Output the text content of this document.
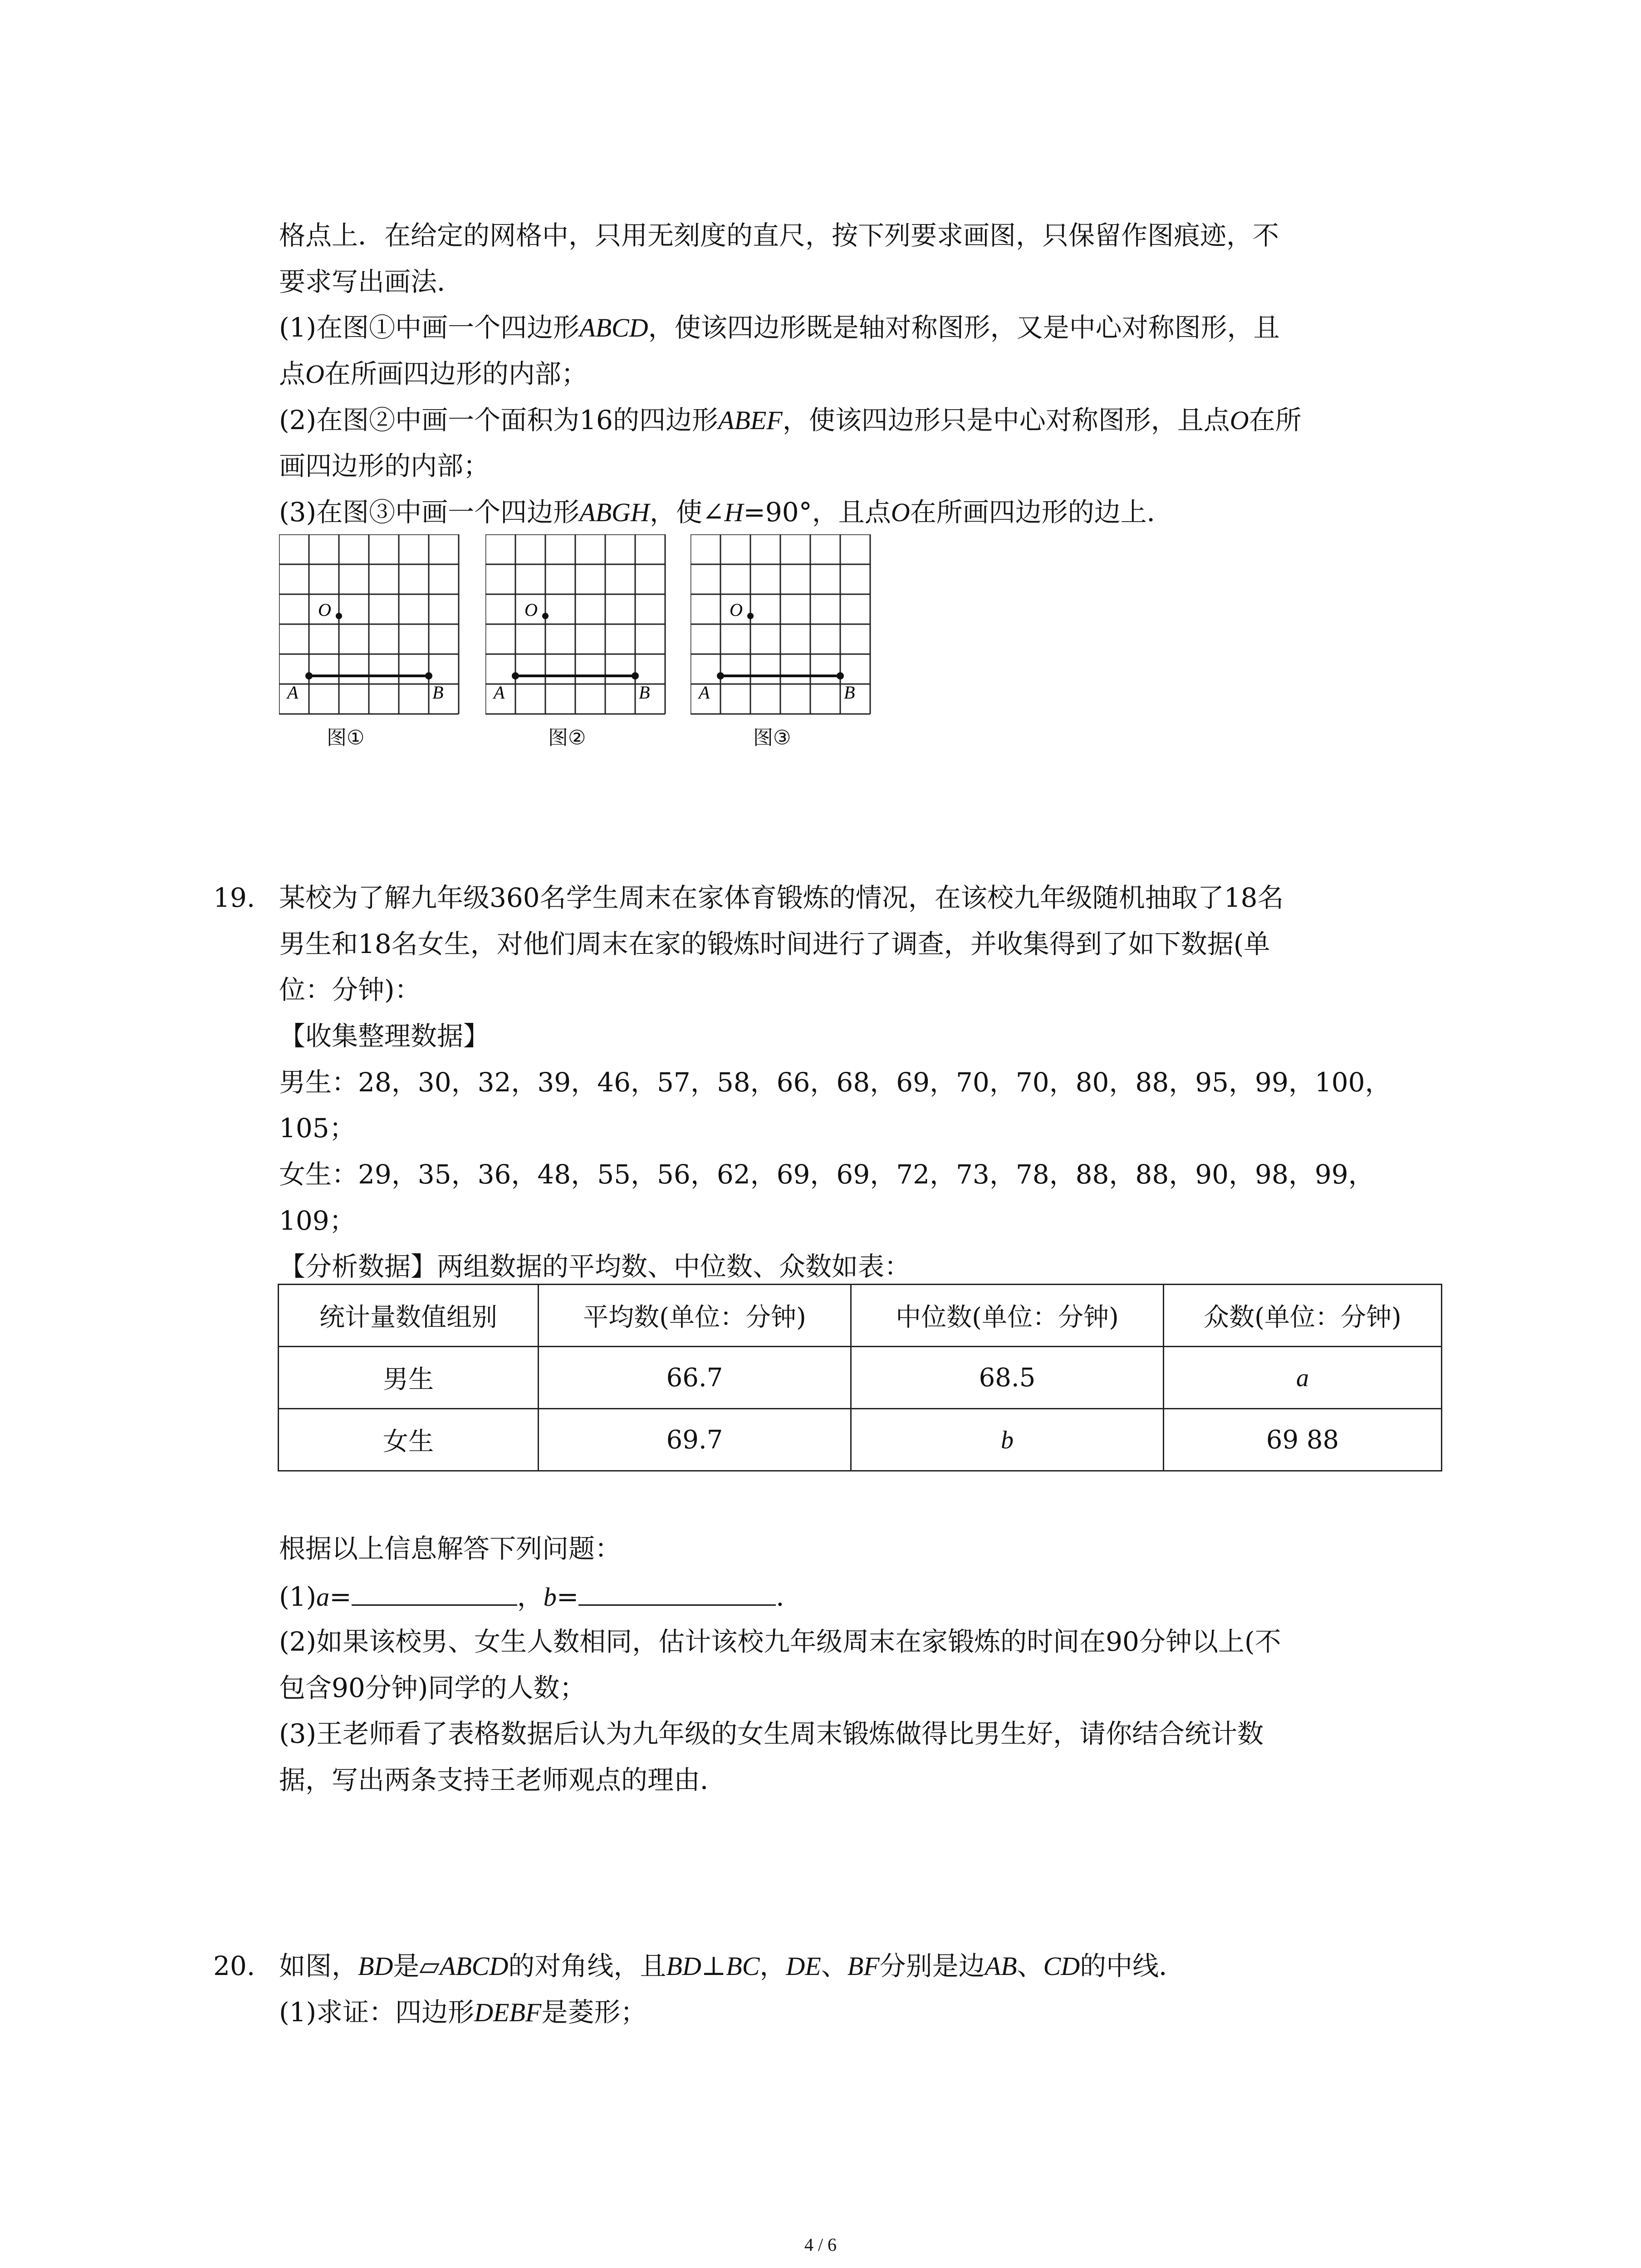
格点上．在给定的网格中，只用无刻度的直尺，按下列要求画图，只保留作图痕迹，不
要求写出画法．
(1)在图①中画一个四边形ABCD，使该四边形既是轴对称图形，又是中心对称图形，且
点O在所画四边形的内部；
(2)在图②中画一个面积为16的四边形ABEF，使该四边形只是中心对称图形，且点O在所
画四边形的内部；
(3)在图③中画一个四边形ABGH，使∠H=90°，且点O在所画四边形的边上．
O
A	B
O
A	B
O
A	B
图①	图②	图③
19. 某校为了解九年级360名学生周末在家体育锻炼的情况，在该校九年级随机抽取了18名
男生和18名女生，对他们周末在家的锻炼时间进行了调查，并收集得到了如下数据(单
位：分钟)：
【收集整理数据】
男生：28，30，32，39，46，57，58，66，68，69，70，70，80，88，95，99，100，
105；
女生：29，35，36，48，55，56，62，69，69，72，73，78，88，88，90，98，99，
109；
【分析数据】两组数据的平均数、中位数、众数如表：
统计量数值组别	平均数(单位：分钟)	中位数(单位：分钟)	众数(单位：分钟)
男生	66.7	68.5	a
女生	69.7	b	69 88
根据以上信息解答下列问题：
(1)a=	，b=	．
(2)如果该校男、女生人数相同，估计该校九年级周末在家锻炼的时间在90分钟以上(不
包含90分钟)同学的人数；
(3)王老师看了表格数据后认为九年级的女生周末锻炼做得比男生好，请你结合统计数
据，写出两条支持王老师观点的理由．
20. 如图，BD是▱ABCD的对角线，且BD⊥BC，DE、BF分别是边AB、CD的中线．
(1)求证：四边形DEBF是菱形；
4 / 6
